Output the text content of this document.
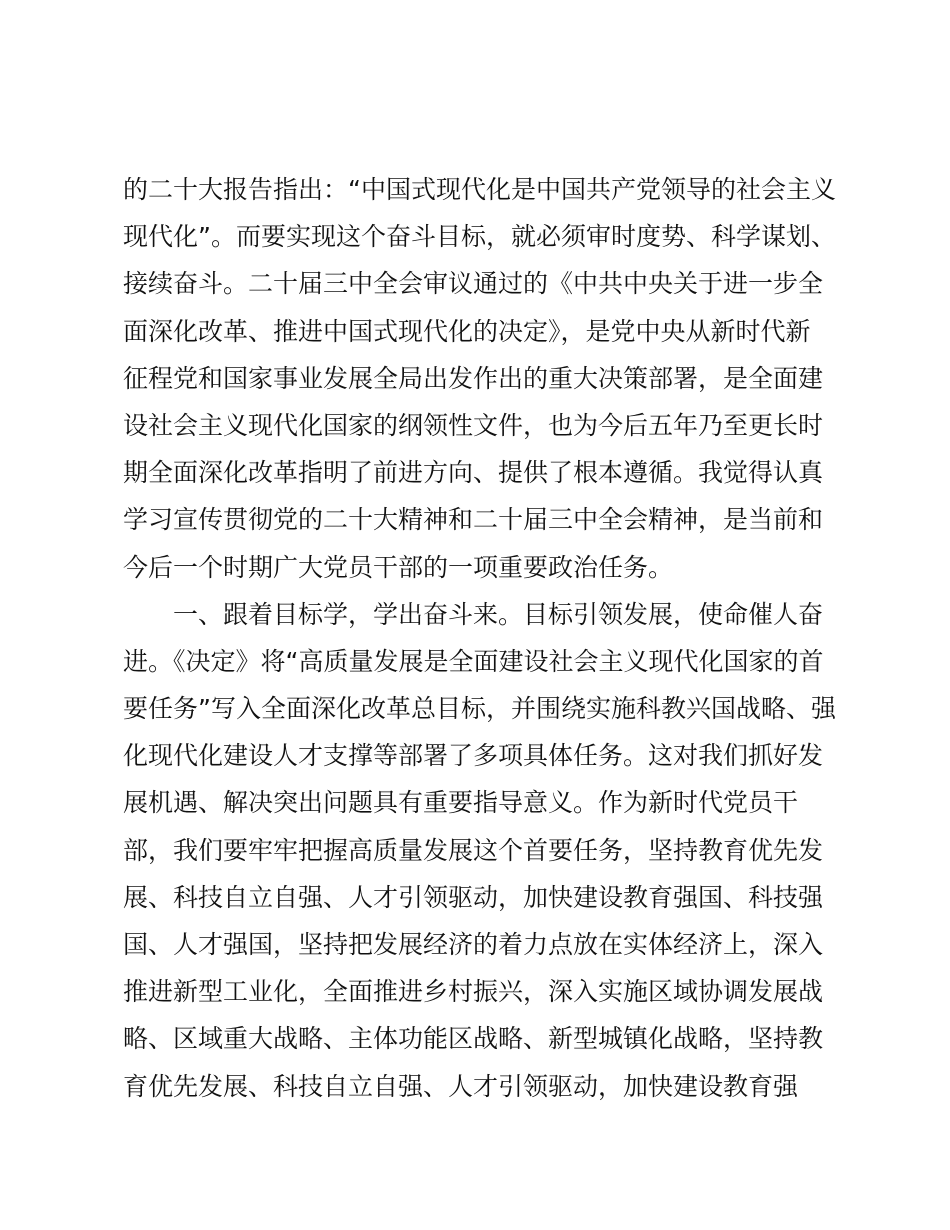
的二十大报告指出：“中国式现代化是中国共产党领导的社会主义
现代化”。而要实现这个奋斗目标，就必须审时度势、科学谋划、
接续奋斗。二十届三中全会审议通过的《中共中央关于进一步全
面深化改革、推进中国式现代化的决定》，是党中央从新时代新
征程党和国家事业发展全局出发作出的重大决策部署，是全面建
设社会主义现代化国家的纲领性文件，也为今后五年乃至更长时
期全面深化改革指明了前进方向、提供了根本遵循。我觉得认真
学习宣传贯彻党的二十大精神和二十届三中全会精神，是当前和
今后一个时期广大党员干部的一项重要政治任务。
一、跟着目标学，学出奋斗来。目标引领发展，使命催人奋
进。《决定》将“高质量发展是全面建设社会主义现代化国家的首
要任务”写入全面深化改革总目标，并围绕实施科教兴国战略、强
化现代化建设人才支撑等部署了多项具体任务。这对我们抓好发
展机遇、解决突出问题具有重要指导意义。作为新时代党员干
部，我们要牢牢把握高质量发展这个首要任务，坚持教育优先发
展、科技自立自强、人才引领驱动，加快建设教育强国、科技强
国、人才强国，坚持把发展经济的着力点放在实体经济上，深入
推进新型工业化，全面推进乡村振兴，深入实施区域协调发展战
略、区域重大战略、主体功能区战略、新型城镇化战略，坚持教
育优先发展、科技自立自强、人才引领驱动，加快建设教育强
